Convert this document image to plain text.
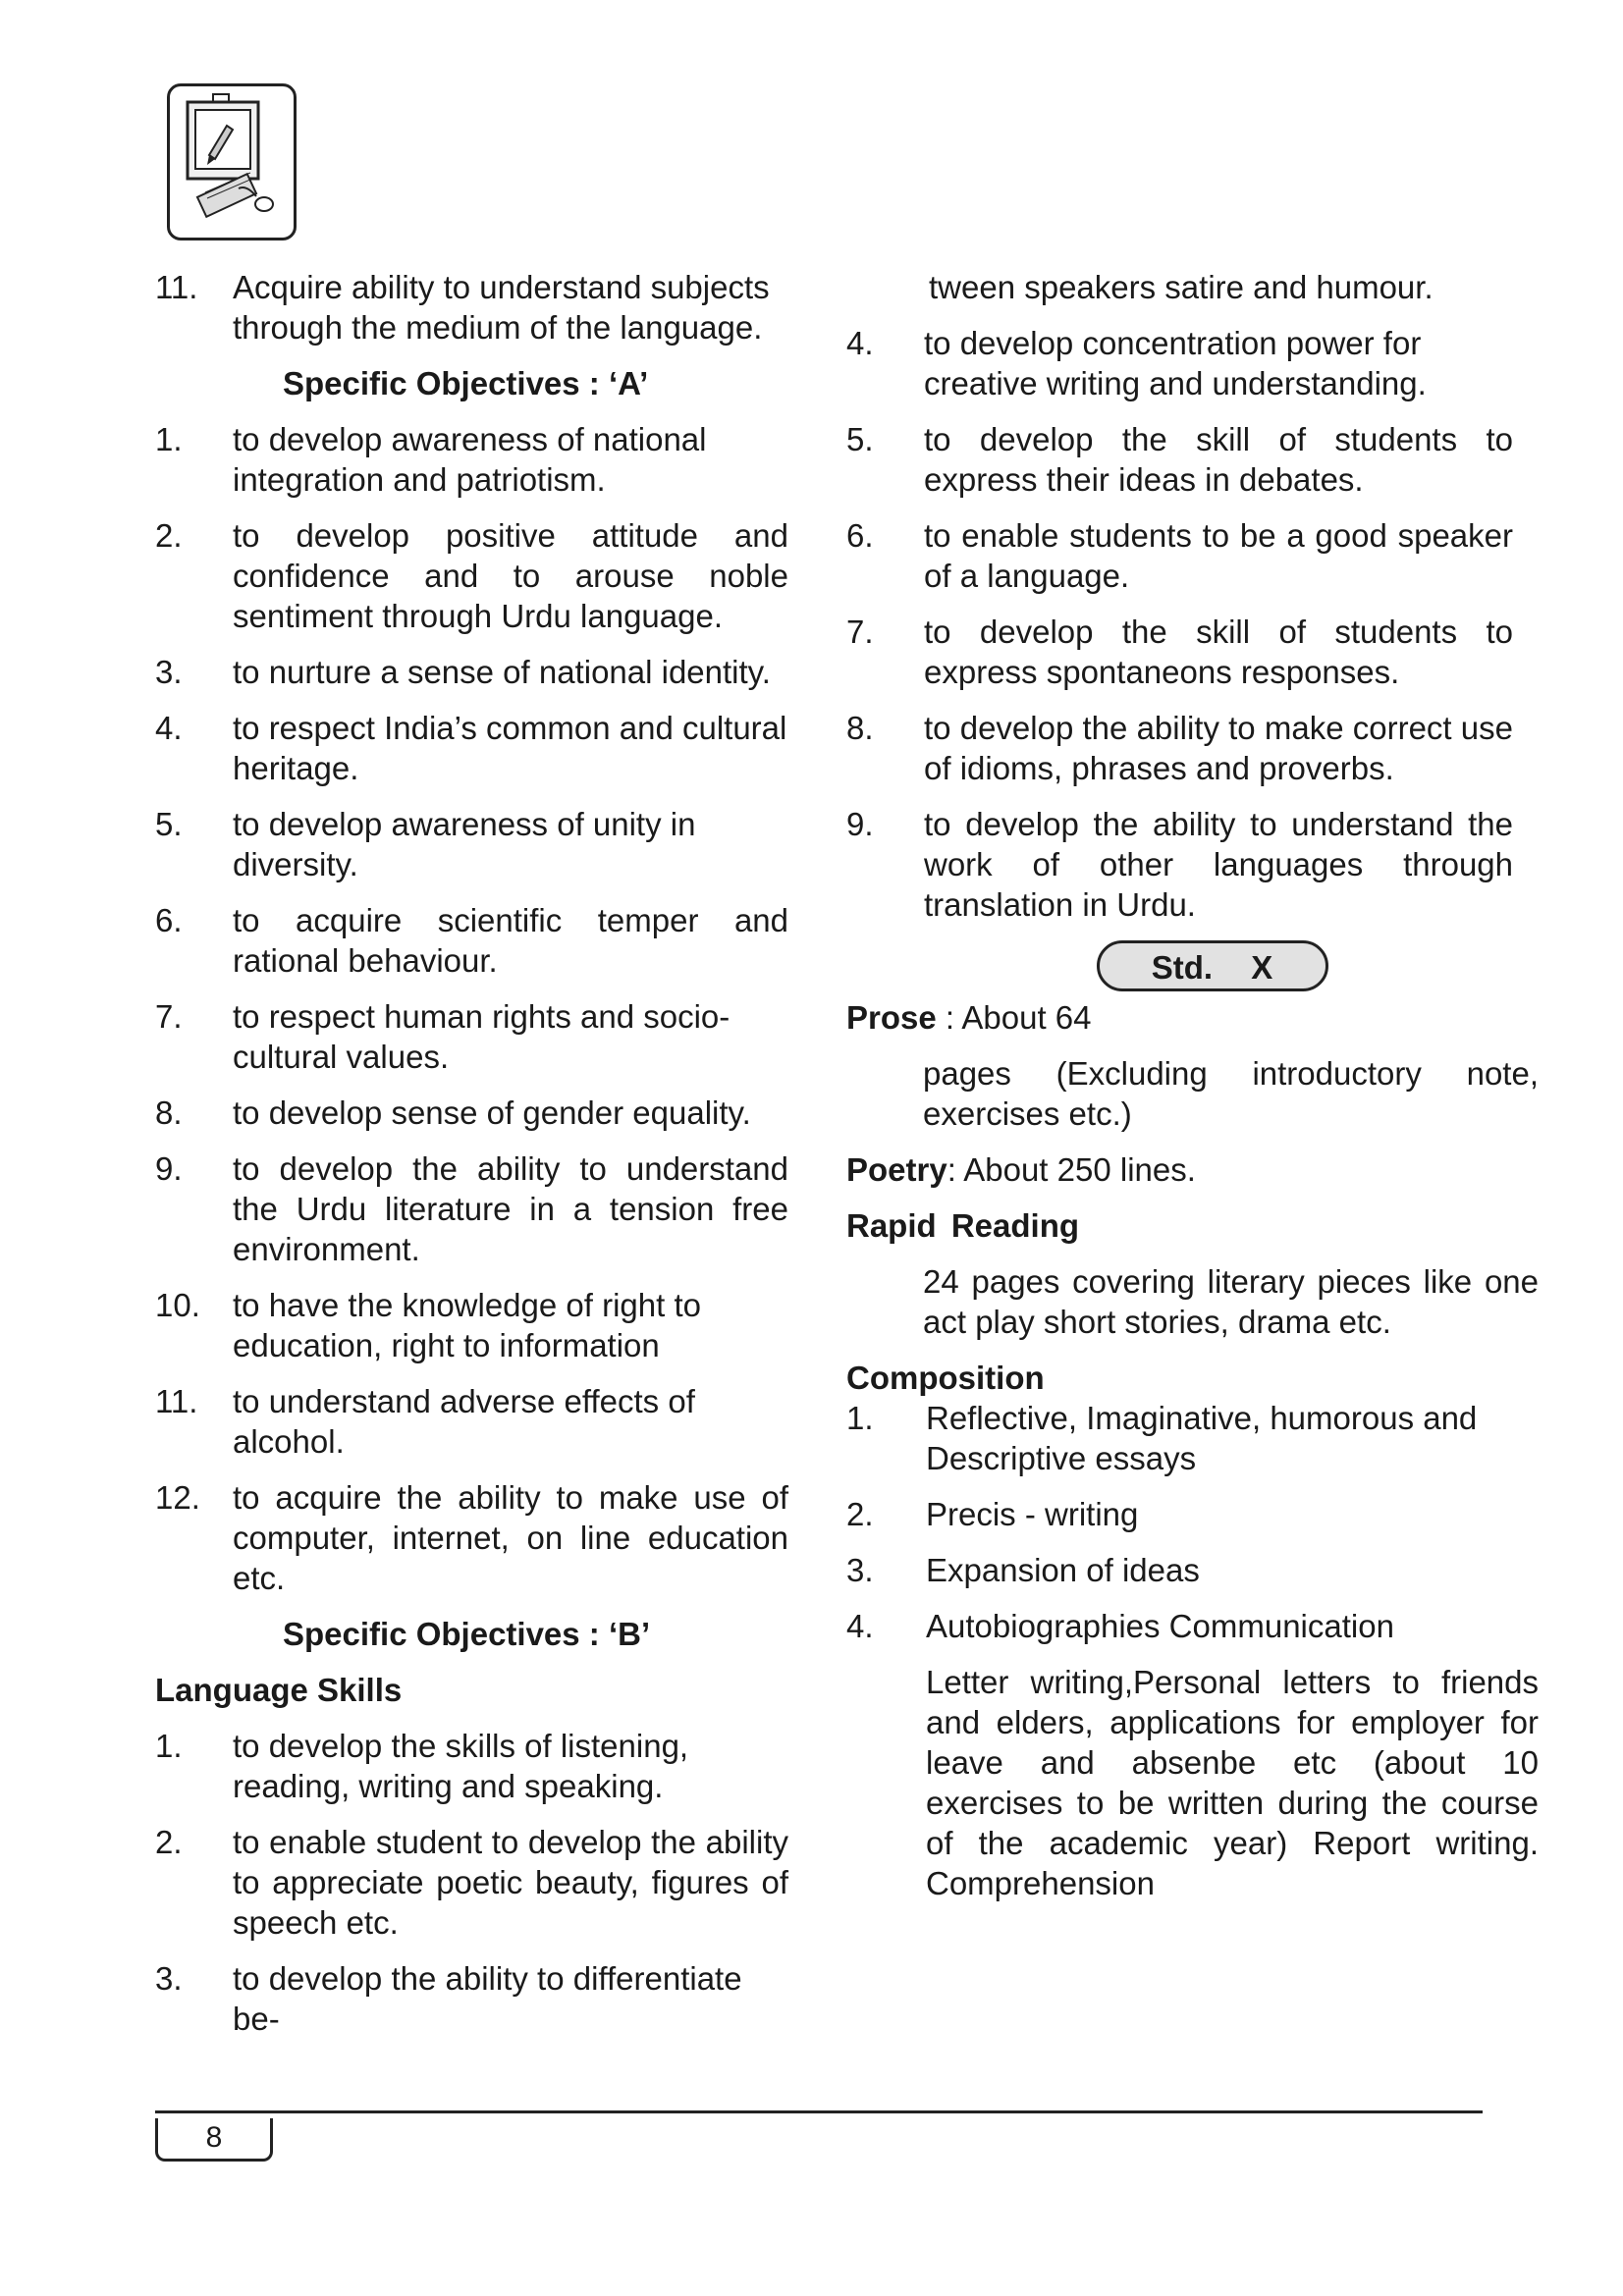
11. Acquire ability to understand subjects through the medium of the language.
Specific Objectives : ‘A’
1. to develop awareness of national integration and patriotism.
2. to develop positive attitude and confidence and to arouse noble sentiment through Urdu language.
3. to nurture a sense of national identity.
4. to respect India’s common and cultural heritage.
5. to develop awareness of unity in diversity.
6. to acquire scientific temper and rational behaviour.
7. to respect human rights and socio-cultural values.
8. to develop sense of gender equality.
9. to develop the ability to understand the Urdu literature in a tension free environment.
10. to have the knowledge of right to education, right to information
11. to understand adverse effects of alcohol.
12. to acquire the ability to make use of computer, internet, on line education etc.
Specific Objectives : ‘B’
Language Skills
1. to develop the skills of listening, reading, writing and speaking.
2. to enable student to develop the ability to appreciate poetic beauty, figures of speech etc.
3. to develop the ability to differentiate be-
tween speakers satire and humour.
4. to develop concentration power for creative writing and understanding.
5. to develop the skill of students to express their ideas in debates.
6. to enable students to be a good speaker of a language.
7. to develop the skill of students to express spontaneons responses.
8. to develop the ability to make correct use of idioms, phrases and proverbs.
9. to develop the ability to understand the work of other languages through translation in Urdu.
Std. X
Prose : About 64
pages (Excluding introductory note, exercises etc.)
Poetry: About 250 lines.
Rapid Reading
24 pages covering literary pieces like one act play short stories, drama etc.
Composition
1. Reflective, Imaginative, humorous and Descriptive essays
2. Precis - writing
3. Expansion of ideas
4. Autobiographies Communication
Letter writing,Personal letters to friends and elders, applications for employer for leave and absenbe etc (about 10 exercises to be written during the course of the academic year) Report writing. Comprehension
8
